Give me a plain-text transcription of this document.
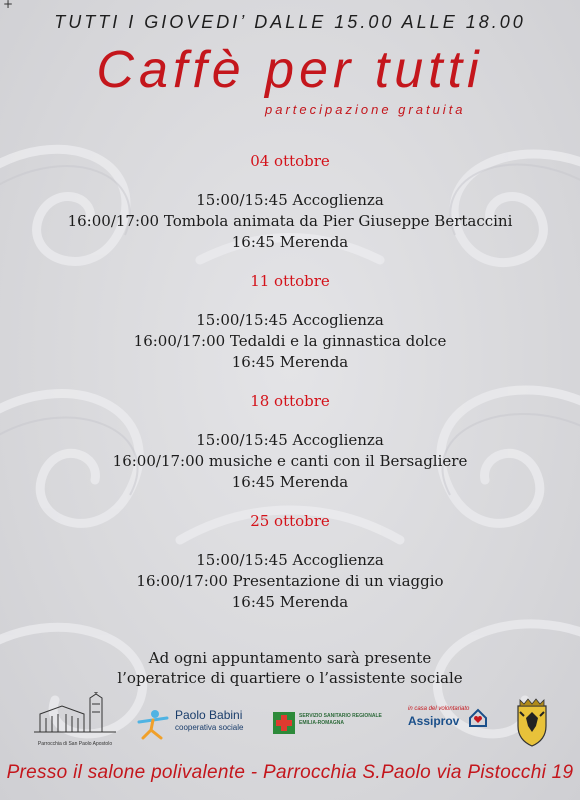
+
TUTTI I GIOVEDI’ DALLE 15.00 ALLE 18.00
Caffè per tutti
partecipazione gratuita
04 ottobre
15:00/15:45 Accoglienza
16:00/17:00 Tombola animata da Pier Giuseppe Bertaccini
16:45 Merenda
11 ottobre
15:00/15:45 Accoglienza
16:00/17:00 Tedaldi e la ginnastica dolce
16:45 Merenda
18 ottobre
15:00/15:45 Accoglienza
16:00/17:00 musiche e canti con il Bersagliere
16:45 Merenda
25 ottobre
15:00/15:45 Accoglienza
16:00/17:00 Presentazione di un viaggio
16:45 Merenda
Ad ogni appuntamento sarà presente
l’operatrice di quartiere o l’assistente sociale
Parrocchia di San Paolo Apostolo
Paolo Babini
cooperativa sociale
SERVIZIO SANITARIO REGIONALE
EMILIA-ROMAGNA
in casa del volontariato
Assiprov
Presso il salone polivalente - Parrocchia S.Paolo via Pistocchi 19
